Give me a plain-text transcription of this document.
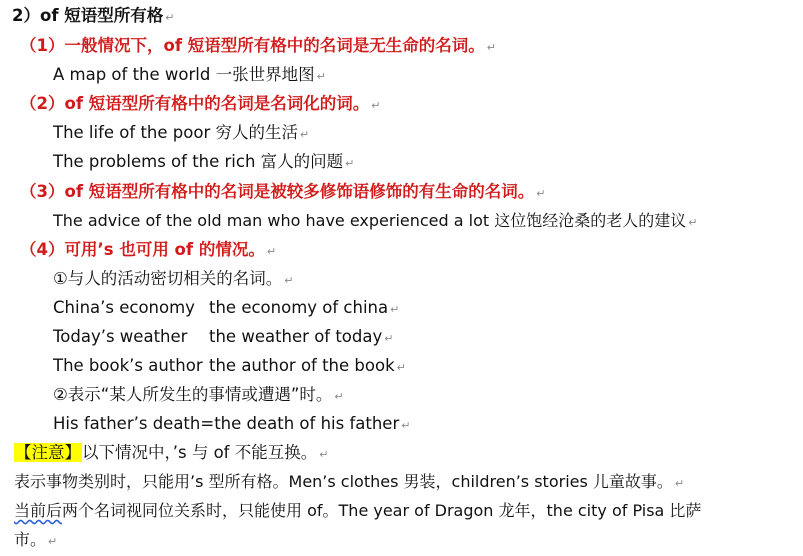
2）of 短语型所有格 ↵
（1）一般情况下，of 短语型所有格中的名词是无生命的名词。 ↵
A map of the world 一张世界地图 ↵
（2）of 短语型所有格中的名词是名词化的词。 ↵
The life of the poor 穷人的生活 ↵
The problems of the rich 富人的问题 ↵
（3）of 短语型所有格中的名词是被较多修饰语修饰的有生命的名词。 ↵
The advice of the old man who have experienced a lot 这位饱经沧桑的老人的建议 ↵
（4）可用’s 也可用 of 的情况。 ↵
①与人的活动密切相关的名词。 ↵
China’s economy the economy of china ↵
Today’s weather the weather of today ↵
The book’s author the author of the book ↵
②表示“某人所发生的事情或遭遇”时。 ↵
His father’s death=the death of his father ↵
【注意】以下情况中，’s 与 of 不能互换。 ↵
表示事物类别时，只能用’s 型所有格。Men’s clothes 男装，children’s stories 儿童故事。 ↵
当前后两个名词视同位关系时，只能使用 of。The year of Dragon 龙年，the city of Pisa 比萨
市。 ↵
